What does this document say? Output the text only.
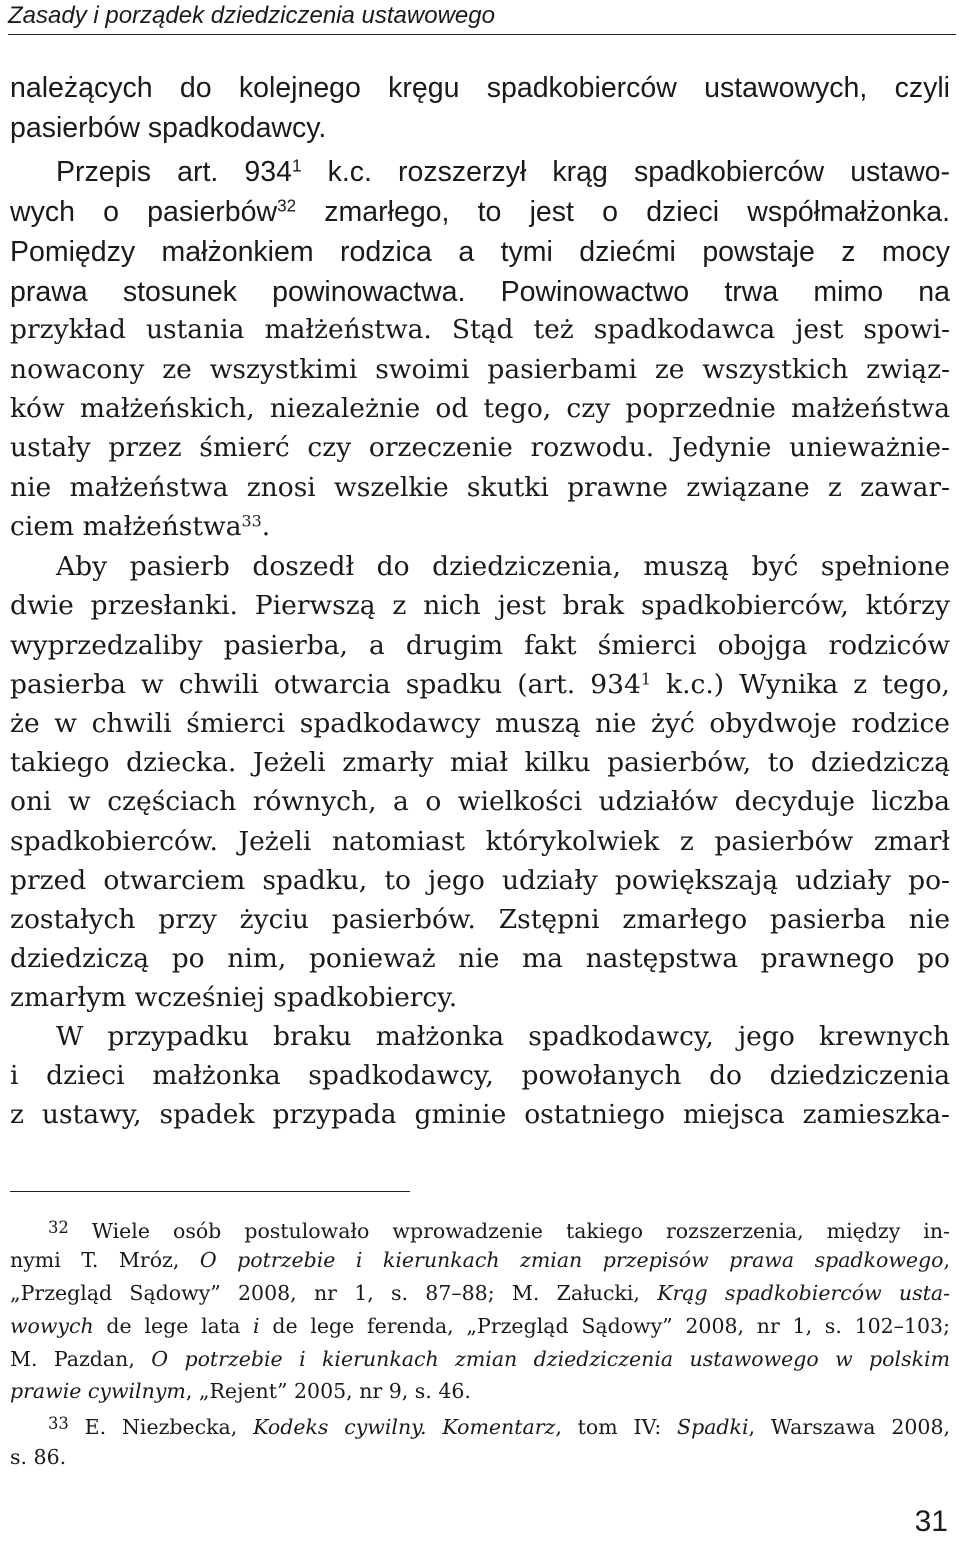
Zasady i porządek dziedziczenia ustawowego
należących do kolejnego kręgu spadkobierców ustawowych, czyli
pasierbów spadkodawcy.
Przepis art. $934^1$ k.c. rozszerzył krąg spadkobierców ustawo-
wych o pasierbów$^{32}$ zmarłego, to jest o dzieci współmałżonka.
Pomiędzy małżonkiem rodzica a tymi dziećmi powstaje z mocy
prawa stosunek powinowactwa. Powinowactwo trwa mimo na
przykład ustania małżeństwa. Stąd też spadkodawca jest spowi-
nowacony ze wszystkimi swoimi pasierbami ze wszystkich związ-
ków małżeńskich, niezależnie od tego, czy poprzednie małżeństwa
ustały przez śmierć czy orzeczenie rozwodu. Jedynie unieważnie-
nie małżeństwa znosi wszelkie skutki prawne związane z zawar-
ciem małżeństwa$^{33}$.
Aby pasierb doszedł do dziedziczenia, muszą być spełnione
dwie przesłanki. Pierwszą z nich jest brak spadkobierców, którzy
wyprzedzaliby pasierba, a drugim fakt śmierci obojga rodziców
pasierba w chwili otwarcia spadku (art. $934^1$ k.c.) Wynika z tego,
że w chwili śmierci spadkodawcy muszą nie żyć obydwoje rodzice
takiego dziecka. Jeżeli zmarły miał kilku pasierbów, to dziedziczą
oni w częściach równych, a o wielkości udziałów decyduje liczba
spadkobierców. Jeżeli natomiast którykolwiek z pasierbów zmarł
przed otwarciem spadku, to jego udziały powiększają udziały po-
zostałych przy życiu pasierbów. Zstępni zmarłego pasierba nie
dziedziczą po nim, ponieważ nie ma następstwa prawnego po
zmarłym wcześniej spadkobiercy.
W przypadku braku małżonka spadkodawcy, jego krewnych
i dzieci małżonka spadkodawcy, powołanych do dziedziczenia
z ustawy, spadek przypada gminie ostatniego miejsca zamieszka-
$^{32}$ Wiele osób postulowało wprowadzenie takiego rozszerzenia, między in-
nymi T. Mróz, O potrzebie i kierunkach zmian przepisów prawa spadkowego,
„Przegląd Sądowy” 2008, nr 1, s. 87–88; M. Załucki, Krąg spadkobierców usta-
wowych de lege lata i de lege ferenda, „Przegląd Sądowy” 2008, nr 1, s. 102–103;
M. Pazdan, O potrzebie i kierunkach zmian dziedziczenia ustawowego w polskim
prawie cywilnym, „Rejent” 2005, nr 9, s. 46.
$^{33}$ E. Niezbecka, Kodeks cywilny. Komentarz, tom IV: Spadki, Warszawa 2008,
s. 86.
31
